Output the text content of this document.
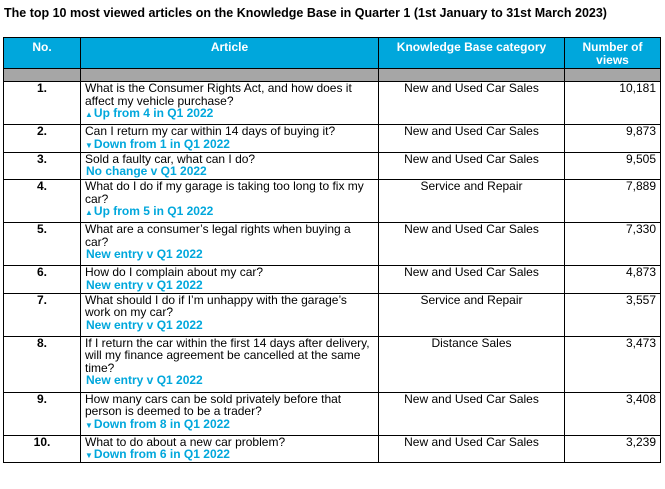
The top 10 most viewed articles on the Knowledge Base in Quarter 1 (1st January to 31st March 2023)
No.	Article	Knowledge Base category	Number of
views

1.	What is the Consumer Rights Act, and how does it affect my vehicle purchase?
▲Up from 4 in Q1 2022	New and Used Car Sales	10,181
2.	Can I return my car within 14 days of buying it?
▼Down from 1 in Q1 2022	New and Used Car Sales	9,873
3.	Sold a faulty car, what can I do?
No change v Q1 2022	New and Used Car Sales	9,505
4.	What do I do if my garage is taking too long to fix my car?
▲Up from 5 in Q1 2022	Service and Repair	7,889
5.	What are a consumer’s legal rights when buying a car?
New entry v Q1 2022	New and Used Car Sales	7,330
6.	How do I complain about my car?
New entry v Q1 2022	New and Used Car Sales	4,873
7.	What should I do if I’m unhappy with the garage’s work on my car?
New entry v Q1 2022	Service and Repair	3,557
8.	If I return the car within the first 14 days after delivery, will my finance agreement be cancelled at the same time?
New entry v Q1 2022	Distance Sales	3,473
9.	How many cars can be sold privately before that person is deemed to be a trader?
▼Down from 8 in Q1 2022	New and Used Car Sales	3,408
10.	What to do about a new car problem?
▼Down from 6 in Q1 2022	New and Used Car Sales	3,239
